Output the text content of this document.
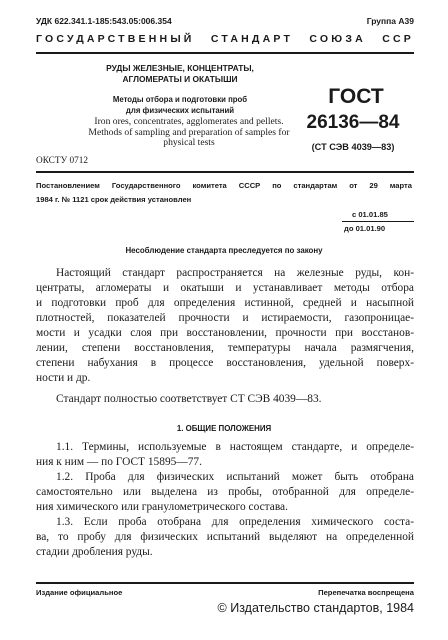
УДК 622.341.1-185:543.05:006.354	Группа А39
ГОСУДАРСТВЕННЫЙ СТАНДАРТ СОЮЗА ССР
РУДЫ ЖЕЛЕЗНЫЕ, КОНЦЕНТРАТЫ,
АГЛОМЕРАТЫ И ОКАТЫШИ
Методы отбора и подготовки проб
для физических испытаний
Iron ores, concentrates, agglomerates and pellets.
Methods of sampling and preparation of samples for
physical tests
ГОСТ
26136—84
(СТ СЭВ 4039—83)
ОКСТУ 0712
Постановлением Государственного комитета СССР по стандартам от 29 марта
1984 г. № 1121 срок действия установлен
с 01.01.85
до 01.01.90
Несоблюдение стандарта преследуется по закону
Настоящий стандарт распространяется на железные руды, кон-
центраты, агломераты и окатыши и устанавливает методы отбора
и подготовки проб для определения истинной, средней и насыпной
плотностей, показателей прочности и истираемости, газопроницае-
мости и усадки слоя при восстановлении, прочности при восстанов-
лении, степени восстановления, температуры начала размягчения,
степени набухания в процессе восстановления, удельной поверх-
ности и др.
Стандарт полностью соответствует СТ СЭВ 4039—83.
1. ОБЩИЕ ПОЛОЖЕНИЯ
1.1. Термины, используемые в настоящем стандарте, и определе-
ния к ним — по ГОСТ 15895—77.
1.2. Проба для физических испытаний может быть отобрана
самостоятельно или выделена из пробы, отобранной для определе-
ния химического или гранулометрического состава.
1.3. Если проба отобрана для определения химического соста-
ва, то пробу для физических испытаний выделяют на определенной
стадии дробления руды.
Издание официальное	Перепечатка воспрещена
© Издательство стандартов, 1984
